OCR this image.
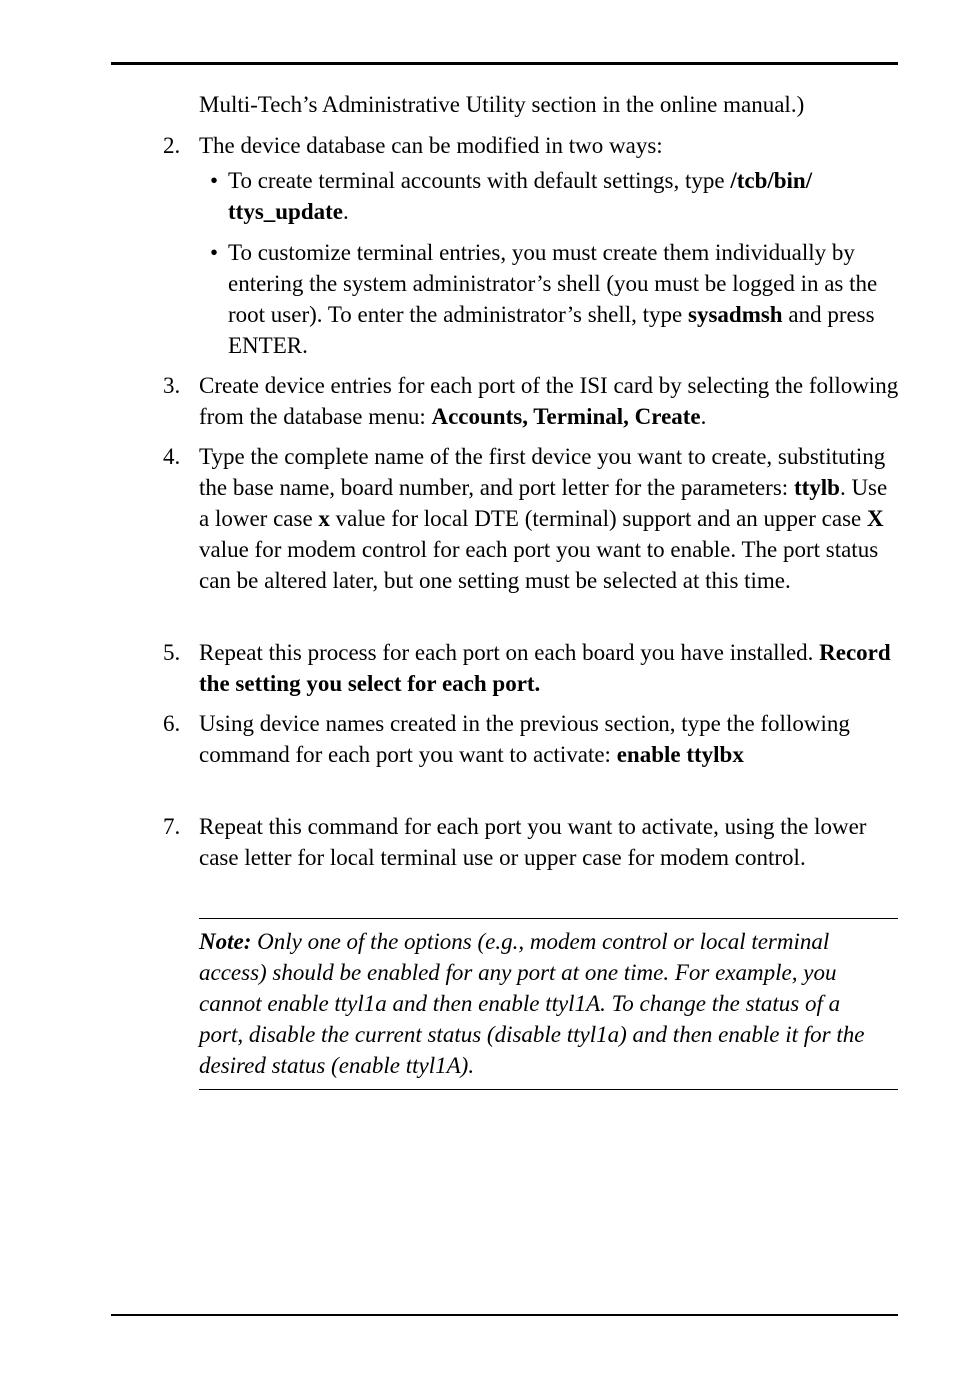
Multi-Tech’s Administrative Utility section in the online manual.)

2. The device database can be modified in two ways:
• To create terminal accounts with default settings, type /tcb/bin/ ttys_update.
• To customize terminal entries, you must create them individually by entering the system administrator’s shell (you must be logged in as the root user). To enter the administrator’s shell, type sysadmsh and press ENTER.
3. Create device entries for each port of the ISI card by selecting the following from the database menu: Accounts, Terminal, Create.
4. Type the complete name of the first device you want to create, substituting the base name, board number, and port letter for the parameters: ttylb. Use a lower case x value for local DTE (terminal) support and an upper case X value for modem control for each port you want to enable. The port status can be altered later, but one setting must be selected at this time.
5. Repeat this process for each port on each board you have installed. Record the setting you select for each port.
6. Using device names created in the previous section, type the following command for each port you want to activate: enable ttylbx
7. Repeat this command for each port you want to activate, using the lower case letter for local terminal use or upper case for modem control.
Note: Only one of the options (e.g., modem control or local terminal access) should be enabled for any port at one time. For example, you cannot enable ttyl1a and then enable ttyl1A. To change the status of a port, disable the current status (disable ttyl1a) and then enable it for the desired status (enable ttyl1A).
